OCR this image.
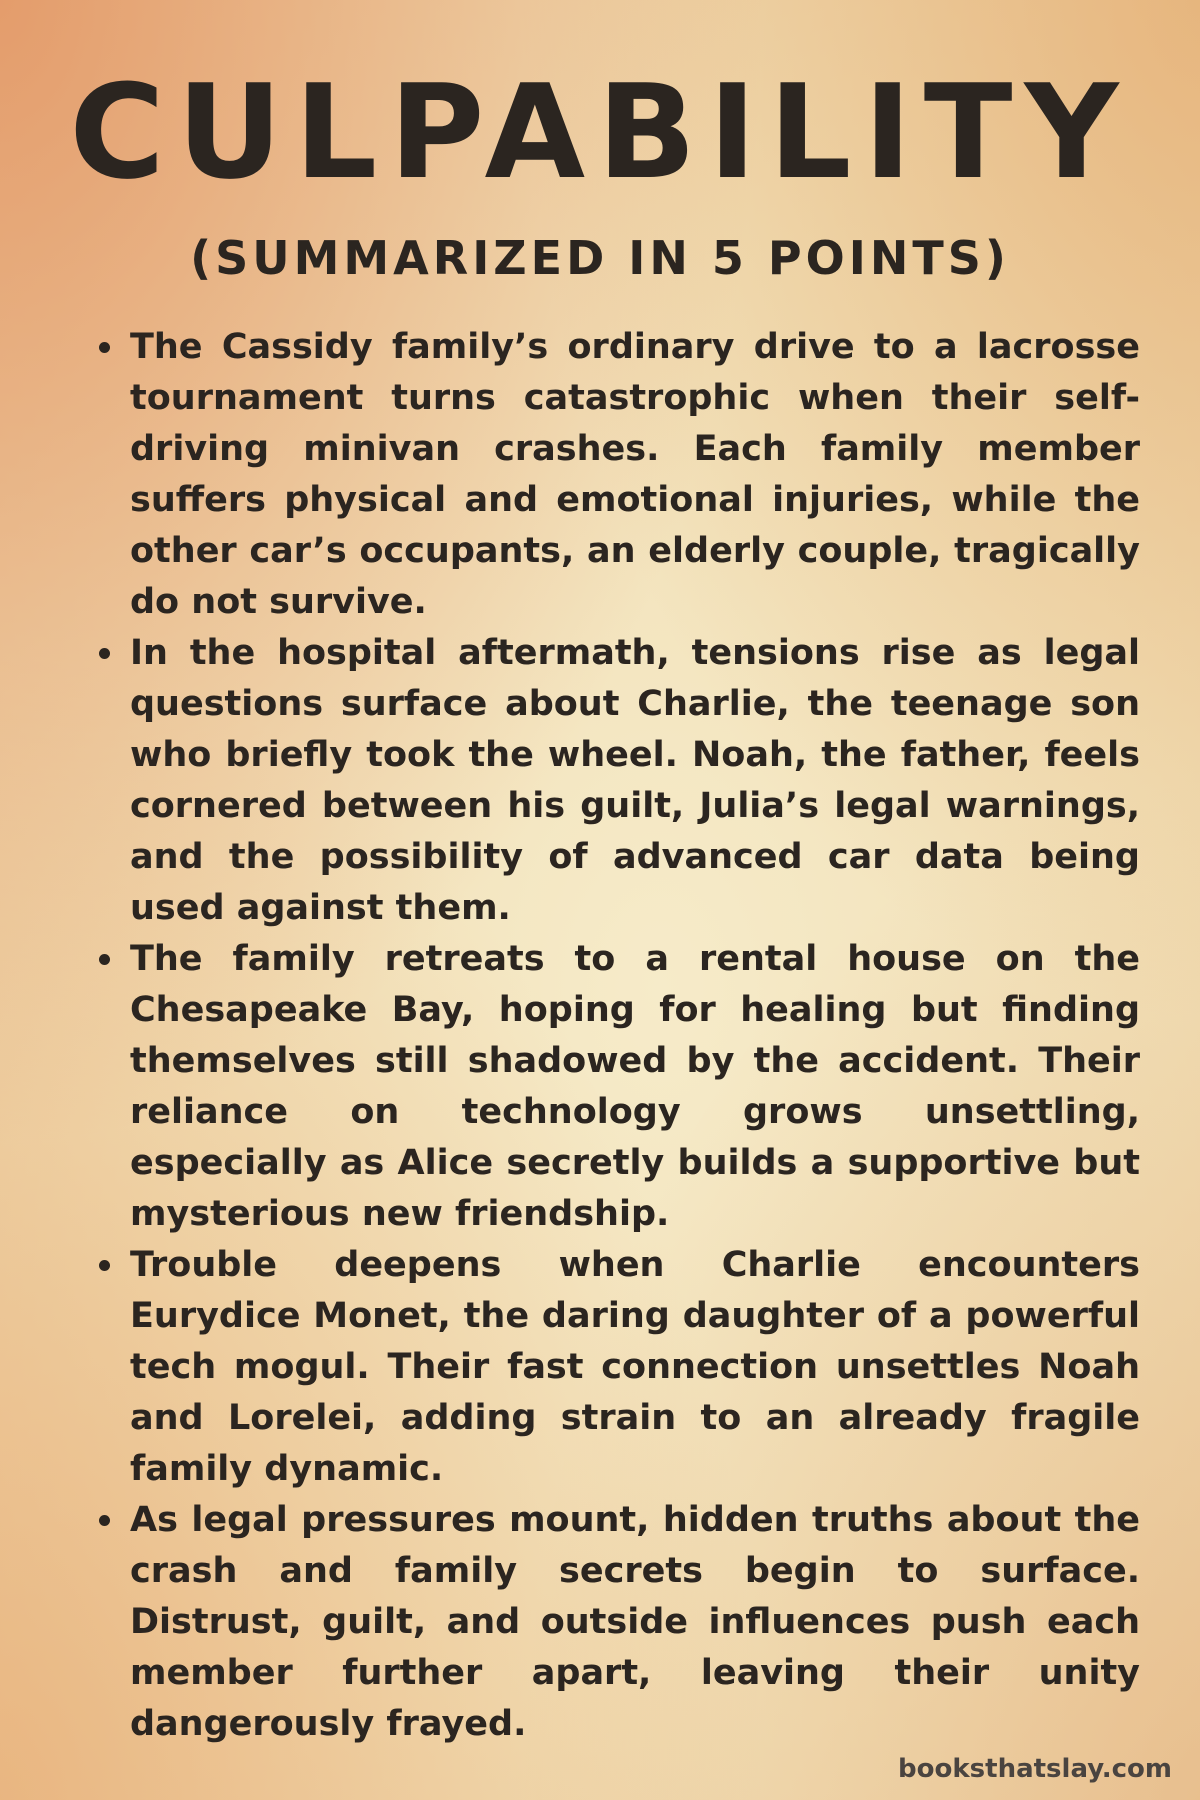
CULPABILITY
(SUMMARIZED IN 5 POINTS)
The Cassidy family’s ordinary drive to a lacrosse tournament turns catastrophic when their self-driving minivan crashes. Each family member suffers physical and emotional injuries, while the other car’s occupants, an elderly couple, tragically do not survive.
In the hospital aftermath, tensions rise as legal questions surface about Charlie, the teenage son who briefly took the wheel. Noah, the father, feels cornered between his guilt, Julia’s legal warnings, and the possibility of advanced car data being used against them.
The family retreats to a rental house on the Chesapeake Bay, hoping for healing but finding themselves still shadowed by the accident. Their reliance on technology grows unsettling, especially as Alice secretly builds a supportive but mysterious new friendship.
Trouble deepens when Charlie encounters Eurydice Monet, the daring daughter of a powerful tech mogul. Their fast connection unsettles Noah and Lorelei, adding strain to an already fragile family dynamic.
As legal pressures mount, hidden truths about the crash and family secrets begin to surface. Distrust, guilt, and outside influences push each member further apart, leaving their unity dangerously frayed.

booksthatslay.com
